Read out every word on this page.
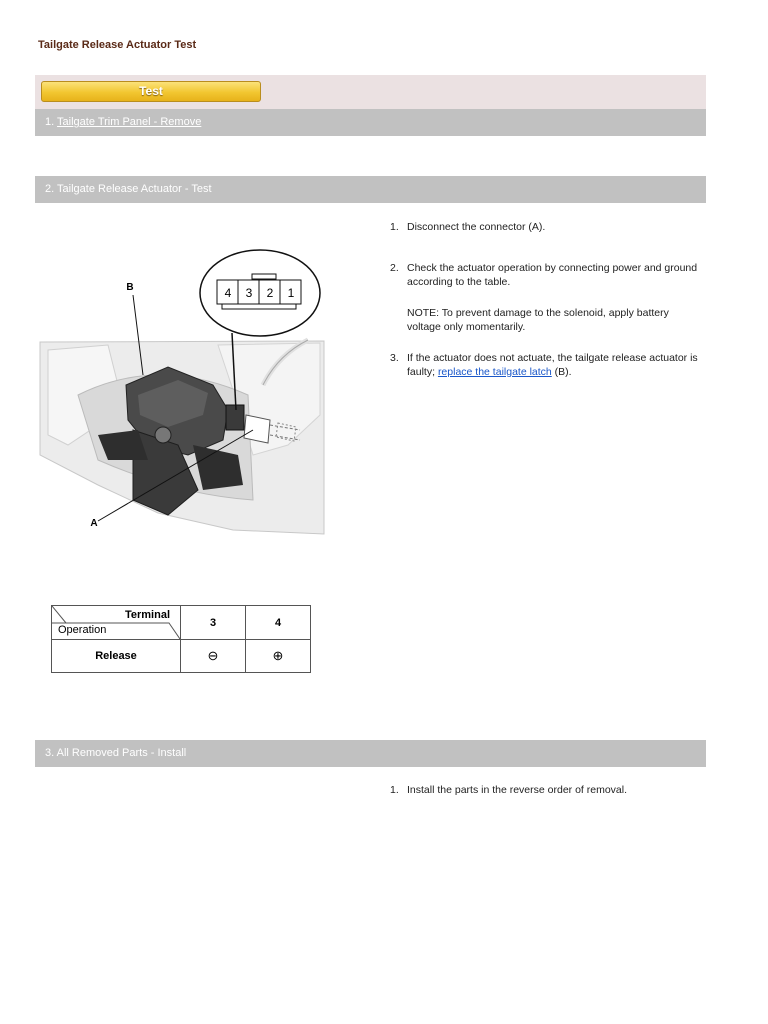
Tailgate Release Actuator Test
Test
1. Tailgate Trim Panel - Remove
2. Tailgate Release Actuator - Test
4 3 2 1
B
A
1. Disconnect the connector (A).
2. Check the actuator operation by connecting power and ground according to the table.
NOTE: To prevent damage to the solenoid, apply battery voltage only momentarily.
3. If the actuator does not actuate, the tailgate release actuator is faulty; replace the tailgate latch (B).
Terminal
Operation	3	4
Release	⊖	⊕
3. All Removed Parts - Install
1. Install the parts in the reverse order of removal.
